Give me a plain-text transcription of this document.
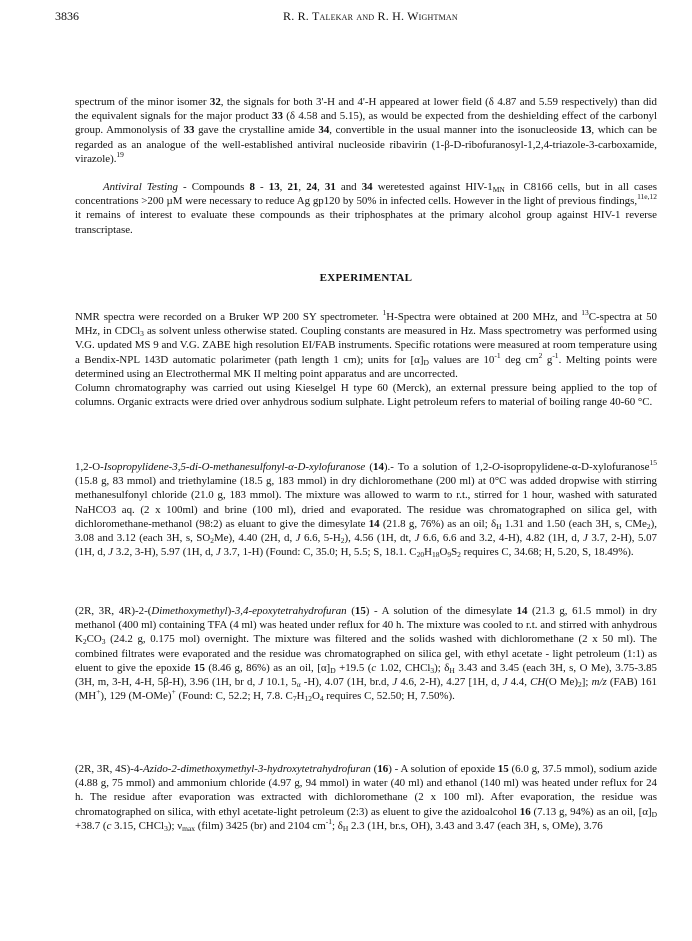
3836	R. R. Talekar and R. H. Wightman

spectrum of the minor isomer 32, the signals for both 3'-H and 4'-H appeared at lower field (δ 4.87 and 5.59 respectively) than did the equivalent signals for the major product 33 (δ 4.58 and 5.15), as would be expected from the deshielding effect of the carbonyl group. Ammonolysis of 33 gave the crystalline amide 34, convertible in the usual manner into the isonucleoside 13, which can be regarded as an analogue of the well-established antiviral nucleoside ribavirin (1-β-D-ribofuranosyl-1,2,4-triazole-3-carboxamide, virazole).$^{19}$

Antiviral Testing - Compounds 8 - 13, 21, 24, 31 and 34 weretested against HIV-$1_{MN}$ in C8166 cells, but in all cases concentrations >200 µM were necessary to reduce Ag gp120 by 50% in infected cells. However in the light of previous findings,$^{11e,12}$ it remains of interest to evaluate these compounds as their triphosphates at the primary alcohol group against HIV-1 reverse transcriptase.

EXPERIMENTAL

NMR spectra were recorded on a Bruker WP 200 SY spectrometer. $^1$H-Spectra were obtained at 200 MHz, and $^{13}$C-spectra at 50 MHz, in CDCl$_3$ as solvent unless otherwise stated. Coupling constants are measured in Hz. Mass spectrometry was performed using V.G. updated MS 9 and V.G. ZABE high resolution EI/FAB instruments. Specific rotations were measured at room temperature using a Bendix-NPL 143D automatic polarimeter (path length 1 cm); units for $[\alpha]_D$ values are $10^{-1}$ deg $cm^2$ $g^{-1}$. Melting points were determined using an Electrothermal MK II melting point apparatus and are uncorrected.

Column chromatography was carried out using Kieselgel H type 60 (Merck), an external pressure being applied to the top of columns. Organic extracts were dried over anhydrous sodium sulphate. Light petroleum refers to material of boiling range 40-60 °C.

1,2-O-Isopropylidene-3,5-di-O-methanesulfonyl-α-D-xylofuranose (14).- To a solution of 1,2-O-isopropylidene-α-D-xylofuranose$^{15}$ (15.8 g, 83 mmol) and triethylamine (18.5 g, 183 mmol) in dry dichloromethane (200 ml) at 0°C was added dropwise with stirring methanesulfonyl chloride (21.0 g, 183 mmol). The mixture was allowed to warm to r.t., stirred for 1 hour, washed with saturated NaHCO3 aq. (2 x 100ml) and brine (100 ml), dried and evaporated. The residue was chromatographed on silica gel, with dichloromethane-methanol (98:2) as eluant to give the dimesylate 14 (21.8 g, 76%) as an oil; $\delta_H$ 1.31 and 1.50 (each 3H, s, CMe$_2$), 3.08 and 3.12 (each 3H, s, $SO_2Me$), 4.40 (2H, d, J 6.6, $5-H_2$), 4.56 (1H, dt, J 6.6, 6.6 and 3.2, 4-H), 4.82 (1H, d, J 3.7, 2-H), 5.07 (1H, d, J 3.2, 3-H), 5.97 (1H, d, J 3.7, 1-H) (Found: C, 35.0; H, 5.5; S, 18.1. $C_{20}H_{18}O_9S_2$ requires C, 34.68; H, 5.20, S, 18.49%).

(2R, 3R, 4R)-2-(Dimethoxymethyl)-3,4-epoxytetrahydrofuran (15) - A solution of the dimesylate 14 (21.3 g, 61.5 mmol) in dry methanol (400 ml) containing TFA (4 ml) was heated under reflux for 40 h. The mixture was cooled to r.t. and stirred with anhydrous $K_2CO_3$ (24.2 g, 0.175 mol) overnight. The mixture was filtered and the solids washed with dichloromethane (2 x 50 ml). The combined filtrates were evaporated and the residue was chromatographed on silica gel, with ethyl acetate - light petroleum (1:1) as eluent to give the epoxide 15 (8.46 g, 86%) as an oil, $[\alpha]_D +19.5$ (c 1.02, CHCl$_3$); $\delta_H$ 3.43 and 3.45 (each 3H, s, O Me), 3.75-3.85 (3H, m, 3-H, 4-H, 5β-H), 3.96 (1H, br d, J 10.1, $5_\alpha$ -H), 4.07 (1H, br.d, J 4.6, 2-H), 4.27 [1H, d, J 4.4, CH(O $Me)_2$]; m/z (FAB) 161 (MH+), 129 (M-OMe)+ (Found: C, 52.2; H, 7.8. $C_7H_{12}O_4$ requires C, 52.50; H, 7.50%).

(2R, 3R, 4S)-4-Azido-2-dimethoxymethyl-3-hydroxytetrahydrofuran (16) - A solution of epoxide 15 (6.0 g, 37.5 mmol), sodium azide (4.88 g, 75 mmol) and ammonium chloride (4.97 g, 94 mmol) in water (40 ml) and ethanol (140 ml) was heated under reflux for 24 h. The residue after evaporation was extracted with dichloromethane (2 x 100 ml). After evaporation, the residue was chromatographed on silica, with ethyl acetate-light petroleum (2:3) as eluent to give the azidoalcohol 16 (7.13 g, 94%) as an oil, $[\alpha]_D +38.7$ (c 3.15, CHCl$_3$); $\nu_{max}$ (film) 3425 (br) and 2104 $cm^{-1}$; $\delta_H$ 2.3 (1H, br.s, OH), 3.43 and 3.47 (each 3H, s, OMe), 3.76
